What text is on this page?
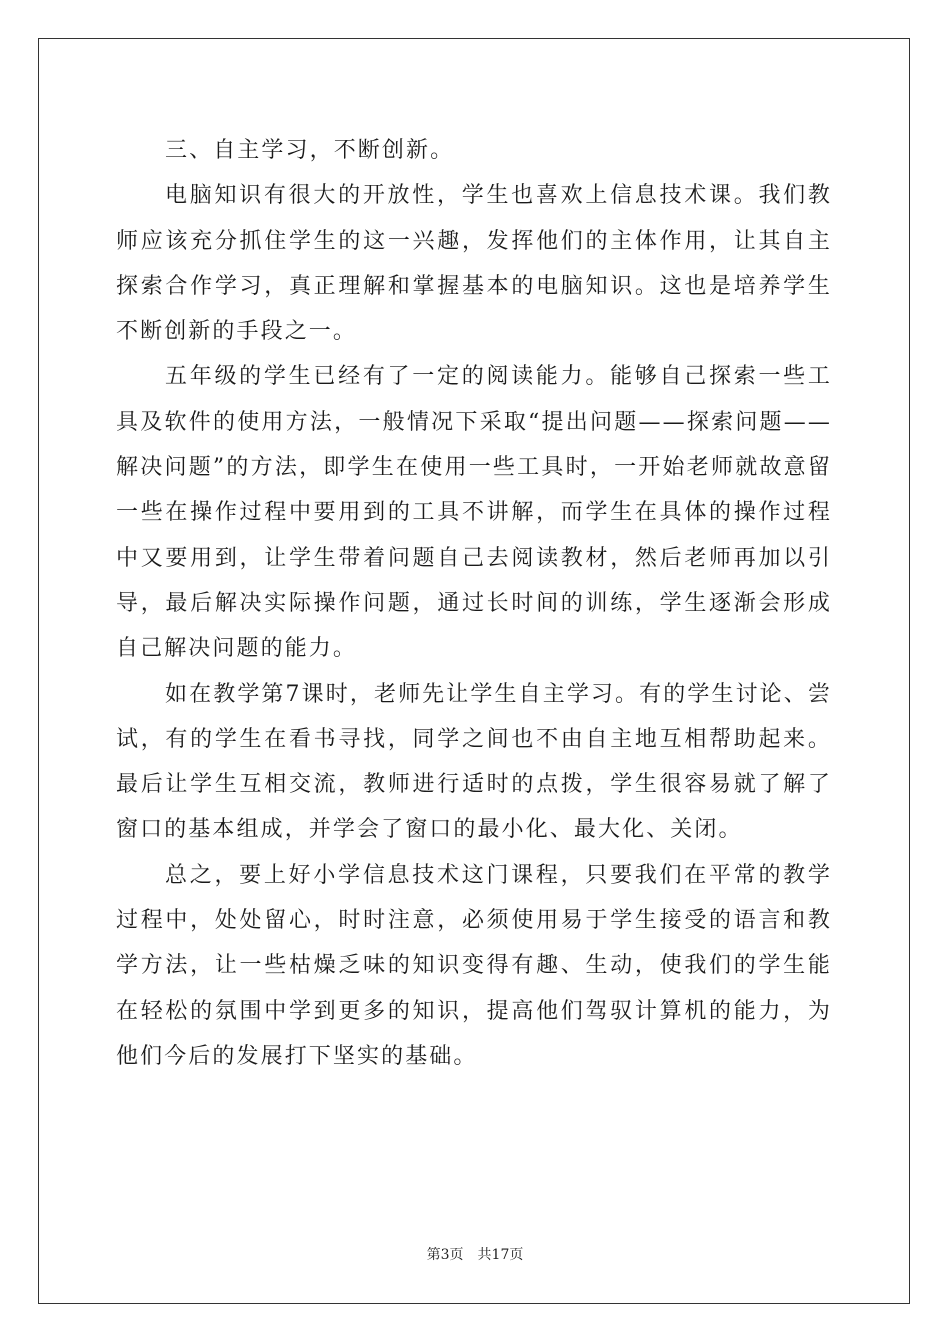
三、自主学习，不断创新。

电脑知识有很大的开放性，学生也喜欢上信息技术课。我们教师应该充分抓住学生的这一兴趣，发挥他们的主体作用，让其自主探索合作学习，真正理解和掌握基本的电脑知识。这也是培养学生不断创新的手段之一。

五年级的学生已经有了一定的阅读能力。能够自己探索一些工具及软件的使用方法，一般情况下采取“提出问题——探索问题——解决问题”的方法，即学生在使用一些工具时，一开始老师就故意留一些在操作过程中要用到的工具不讲解，而学生在具体的操作过程中又要用到，让学生带着问题自己去阅读教材，然后老师再加以引导，最后解决实际操作问题，通过长时间的训练，学生逐渐会形成自己解决问题的能力。

如在教学第7课时，老师先让学生自主学习。有的学生讨论、尝试，有的学生在看书寻找，同学之间也不由自主地互相帮助起来。最后让学生互相交流，教师进行适时的点拨，学生很容易就了解了窗口的基本组成，并学会了窗口的最小化、最大化、关闭。

总之，要上好小学信息技术这门课程，只要我们在平常的教学过程中，处处留心，时时注意，必须使用易于学生接受的语言和教学方法，让一些枯燥乏味的知识变得有趣、生动，使我们的学生能在轻松的氛围中学到更多的知识，提高他们驾驭计算机的能力，为他们今后的发展打下坚实的基础。

第3页 共17页
